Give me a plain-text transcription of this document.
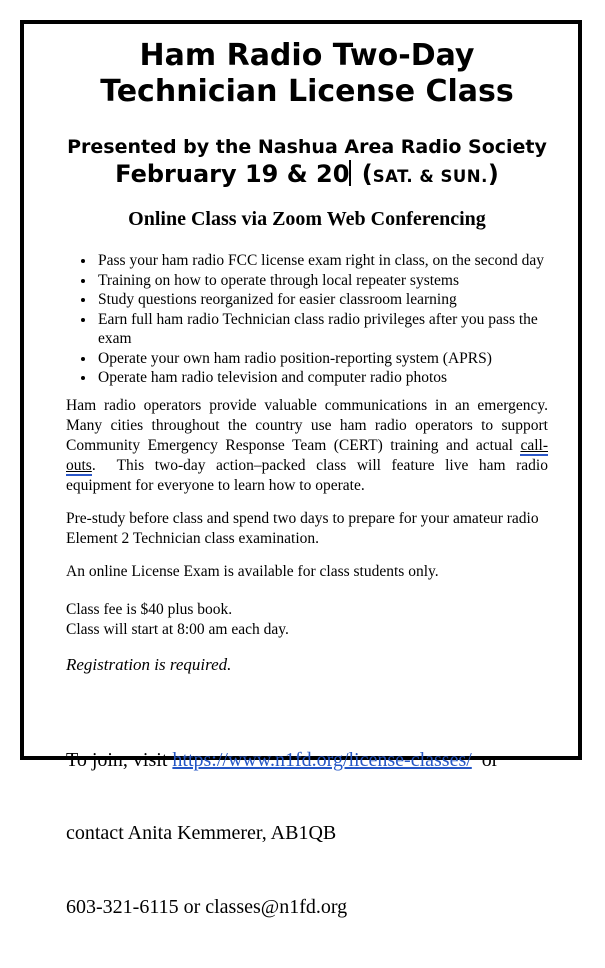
Ham Radio Two-Day
Technician License Class
Presented by the Nashua Area Radio Society
February 19 & 20 (SAT. & SUN.)
Online Class via Zoom Web Conferencing
• Pass your ham radio FCC license exam right in class, on the second day
• Training on how to operate through local repeater systems
• Study questions reorganized for easier classroom learning
• Earn full ham radio Technician class radio privileges after you pass the exam
• Operate your own ham radio position-reporting system (APRS)
• Operate ham radio television and computer radio photos

Ham radio operators provide valuable communications in an emergency.  Many cities throughout the country use ham radio operators to support Community Emergency Response Team (CERT) training and actual call-outs.  This two-day action–packed class will feature live ham radio equipment for everyone to learn how to operate.

Pre-study before class and spend two days to prepare for your amateur radio Element 2 Technician class examination.

An online License Exam is available for class students only.

Class fee is $40 plus book.

Class will start at 8:00 am each day.

Registration is required.

To join, visit https://www.n1fd.org/license-classes/  or

contact Anita Kemmerer, AB1QB

603-321-6115 or classes@n1fd.org
